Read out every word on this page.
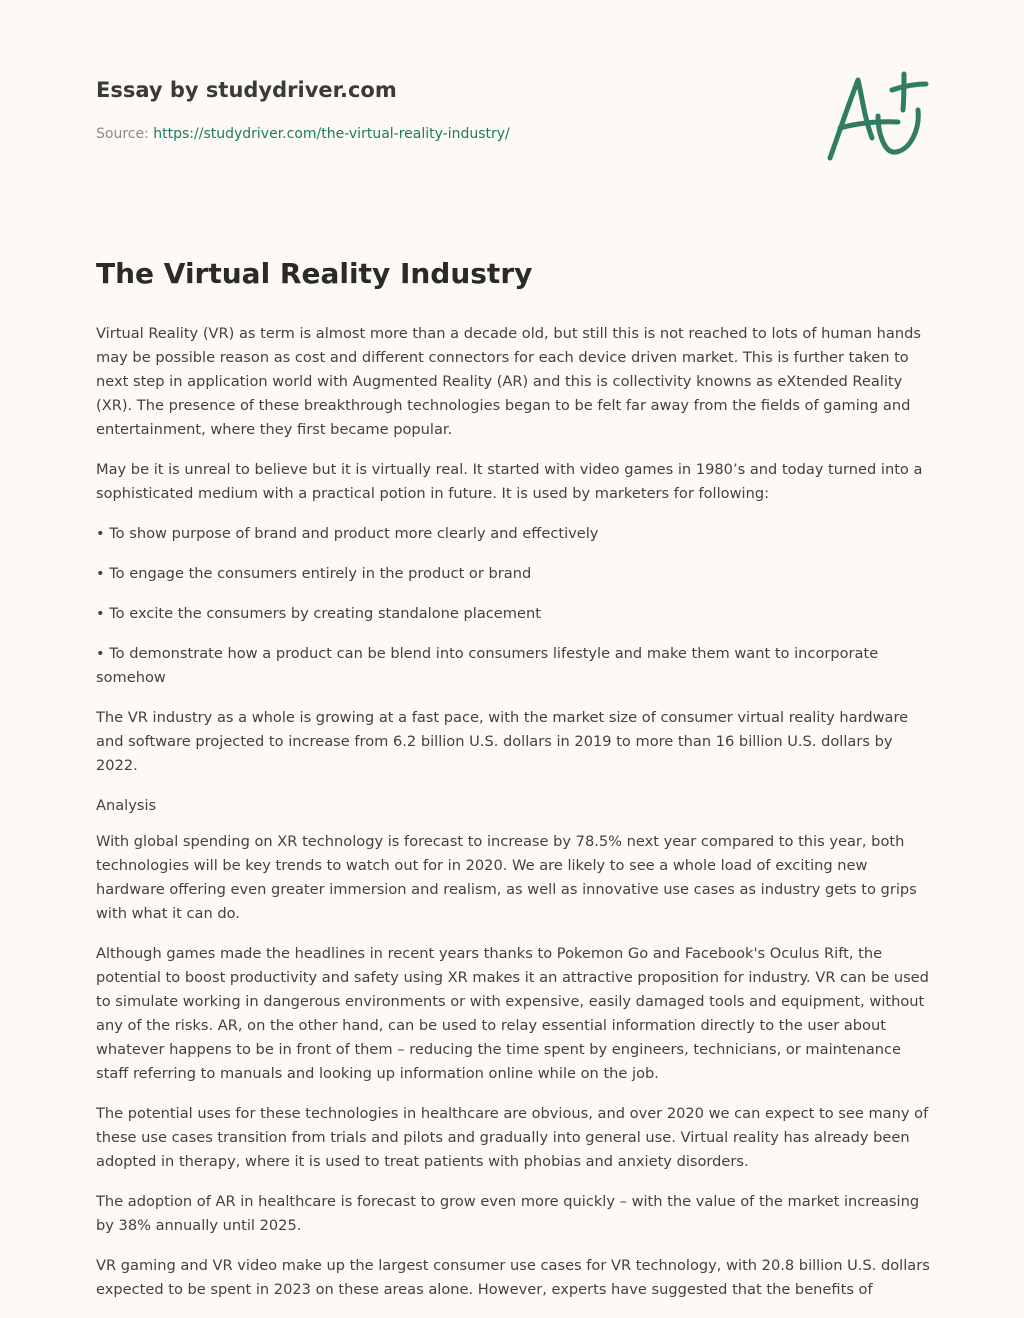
Essay by studydriver.com
Source: https://studydriver.com/the-virtual-reality-industry/
The Virtual Reality Industry

Virtual Reality (VR) as term is almost more than a decade old, but still this is not reached to lots of human hands may be possible reason as cost and different connectors for each device driven market. This is further taken to next step in application world with Augmented Reality (AR) and this is collectivity knowns as eXtended Reality (XR). The presence of these breakthrough technologies began to be felt far away from the fields of gaming and entertainment, where they first became popular.

May be it is unreal to believe but it is virtually real. It started with video games in 1980’s and today turned into a sophisticated medium with a practical potion in future. It is used by marketers for following:

• To show purpose of brand and product more clearly and effectively

• To engage the consumers entirely in the product or brand

• To excite the consumers by creating standalone placement

• To demonstrate how a product can be blend into consumers lifestyle and make them want to incorporate somehow

The VR industry as a whole is growing at a fast pace, with the market size of consumer virtual reality hardware and software projected to increase from 6.2 billion U.S. dollars in 2019 to more than 16 billion U.S. dollars by 2022.

Analysis

With global spending on XR technology is forecast to increase by 78.5% next year compared to this year, both technologies will be key trends to watch out for in 2020. We are likely to see a whole load of exciting new hardware offering even greater immersion and realism, as well as innovative use cases as industry gets to grips with what it can do.

Although games made the headlines in recent years thanks to Pokemon Go and Facebook's Oculus Rift, the potential to boost productivity and safety using XR makes it an attractive proposition for industry. VR can be used to simulate working in dangerous environments or with expensive, easily damaged tools and equipment, without any of the risks. AR, on the other hand, can be used to relay essential information directly to the user about whatever happens to be in front of them – reducing the time spent by engineers, technicians, or maintenance staff referring to manuals and looking up information online while on the job.

The potential uses for these technologies in healthcare are obvious, and over 2020 we can expect to see many of these use cases transition from trials and pilots and gradually into general use. Virtual reality has already been adopted in therapy, where it is used to treat patients with phobias and anxiety disorders.

The adoption of AR in healthcare is forecast to grow even more quickly – with the value of the market increasing by 38% annually until 2025.

VR gaming and VR video make up the largest consumer use cases for VR technology, with 20.8 billion U.S. dollars expected to be spent in 2023 on these areas alone. However, experts have suggested that the benefits of
